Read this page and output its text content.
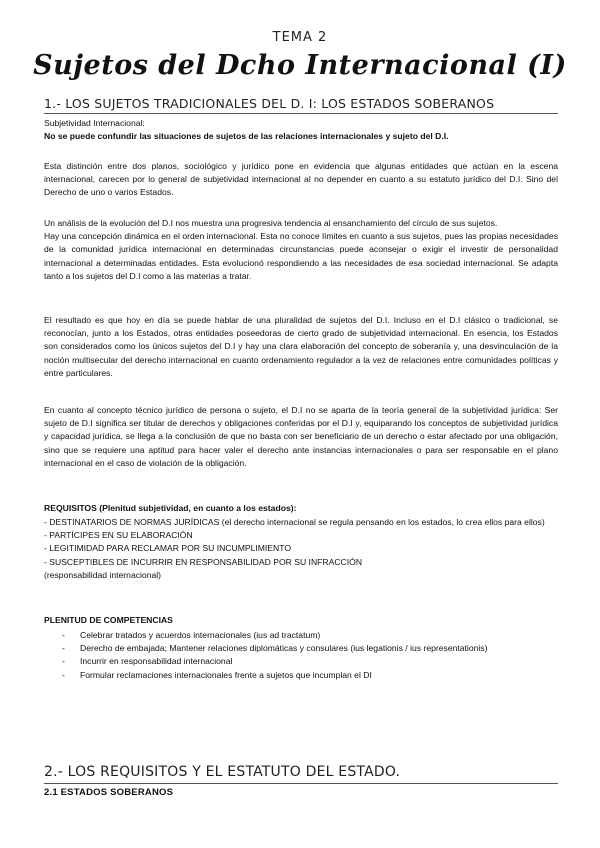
TEMA 2
Sujetos del Dcho Internacional (I)
1.- LOS SUJETOS TRADICIONALES DEL D. I: LOS ESTADOS SOBERANOS

Subjetividad Internacional:

No se puede confundir las situaciones de sujetos de las relaciones internacionales y sujeto del D.I.

Esta distinción entre dos planos, sociológico y jurídico pone en evidencia que algunas entidades que actúan en la escena internacional, carecen por lo general de subjetividad internacional al no depender en cuanto a su estatuto jurídico del D.I. Sino del Derecho de uno o varios Estados.

Un análisis de la evolución del D.I nos muestra una progresiva tendencia al ensanchamiento del círculo de sus sujetos.

Hay una concepción dinámica en el orden internacional. Esta no conoce límites en cuanto a sus sujetos, pues las propias necesidades de la comunidad jurídica internacional en determinadas circunstancias puede aconsejar o exigir el investir de personalidad internacional a determinadas entidades. Esta evolucionó respondiendo a las necesidades de esa sociedad internacional. Se adapta tanto a los sujetos del D.I como a las materias a tratar.

El resultado es que hoy en día se puede hablar de una pluralidad de sujetos del D.I. Incluso en el D.I clásico o tradicional, se reconocían, junto a los Estados, otras entidades poseedoras de cierto grado de subjetividad internacional. En esencia, los Estados son considerados como los únicos sujetos del D.I y hay una clara elaboración del concepto de soberanía y, una desvinculación de la noción multisecular del derecho internacional en cuanto ordenamiento regulador a la vez de relaciones entre comunidades políticas y entre particulares.

En cuanto al concepto técnico jurídico de persona o sujeto, el D.I no se aparta de la teoría general de la subjetividad jurídica: Ser sujeto de D.I significa ser titular de derechos y obligaciones conferidas por el D.I y, equiparando los conceptos de subjetividad jurídica y capacidad jurídica, se llega a la conclusión de que no basta con ser beneficiario de un derecho o estar afectado por una obligación, sino que se requiere una aptitud para hacer valer el derecho ante instancias internacionales o para ser responsable en el plano internacional en el caso de violación de la obligación.

REQUISITOS (Plenitud subjetividad, en cuanto a los estados):
- DESTINATARIOS DE NORMAS JURÍDICAS (el derecho internacional se regula pensando en los estados, lo crea ellos para ellos)
- PARTÍCIPES EN SU ELABORACIÓN
- LEGITIMIDAD PARA RECLAMAR POR SU INCUMPLIMIENTO
- SUSCEPTIBLES DE INCURRIR EN RESPONSABILIDAD POR SU INFRACCIÓN
(responsabilidad internacional)
PLENITUD DE COMPETENCIAS
- Celebrar tratados y acuerdos internacionales (ius ad tractatum)
- Derecho de embajada; Mantener relaciones diplomáticas y consulares (ius legationis / ius representationis)
- Incurrir en responsabilidad internacional
- Formular reclamaciones internacionales frente a sujetos que incumplan el DI
2.- LOS REQUISITOS Y EL ESTATUTO DEL ESTADO.
2.1 ESTADOS SOBERANOS
